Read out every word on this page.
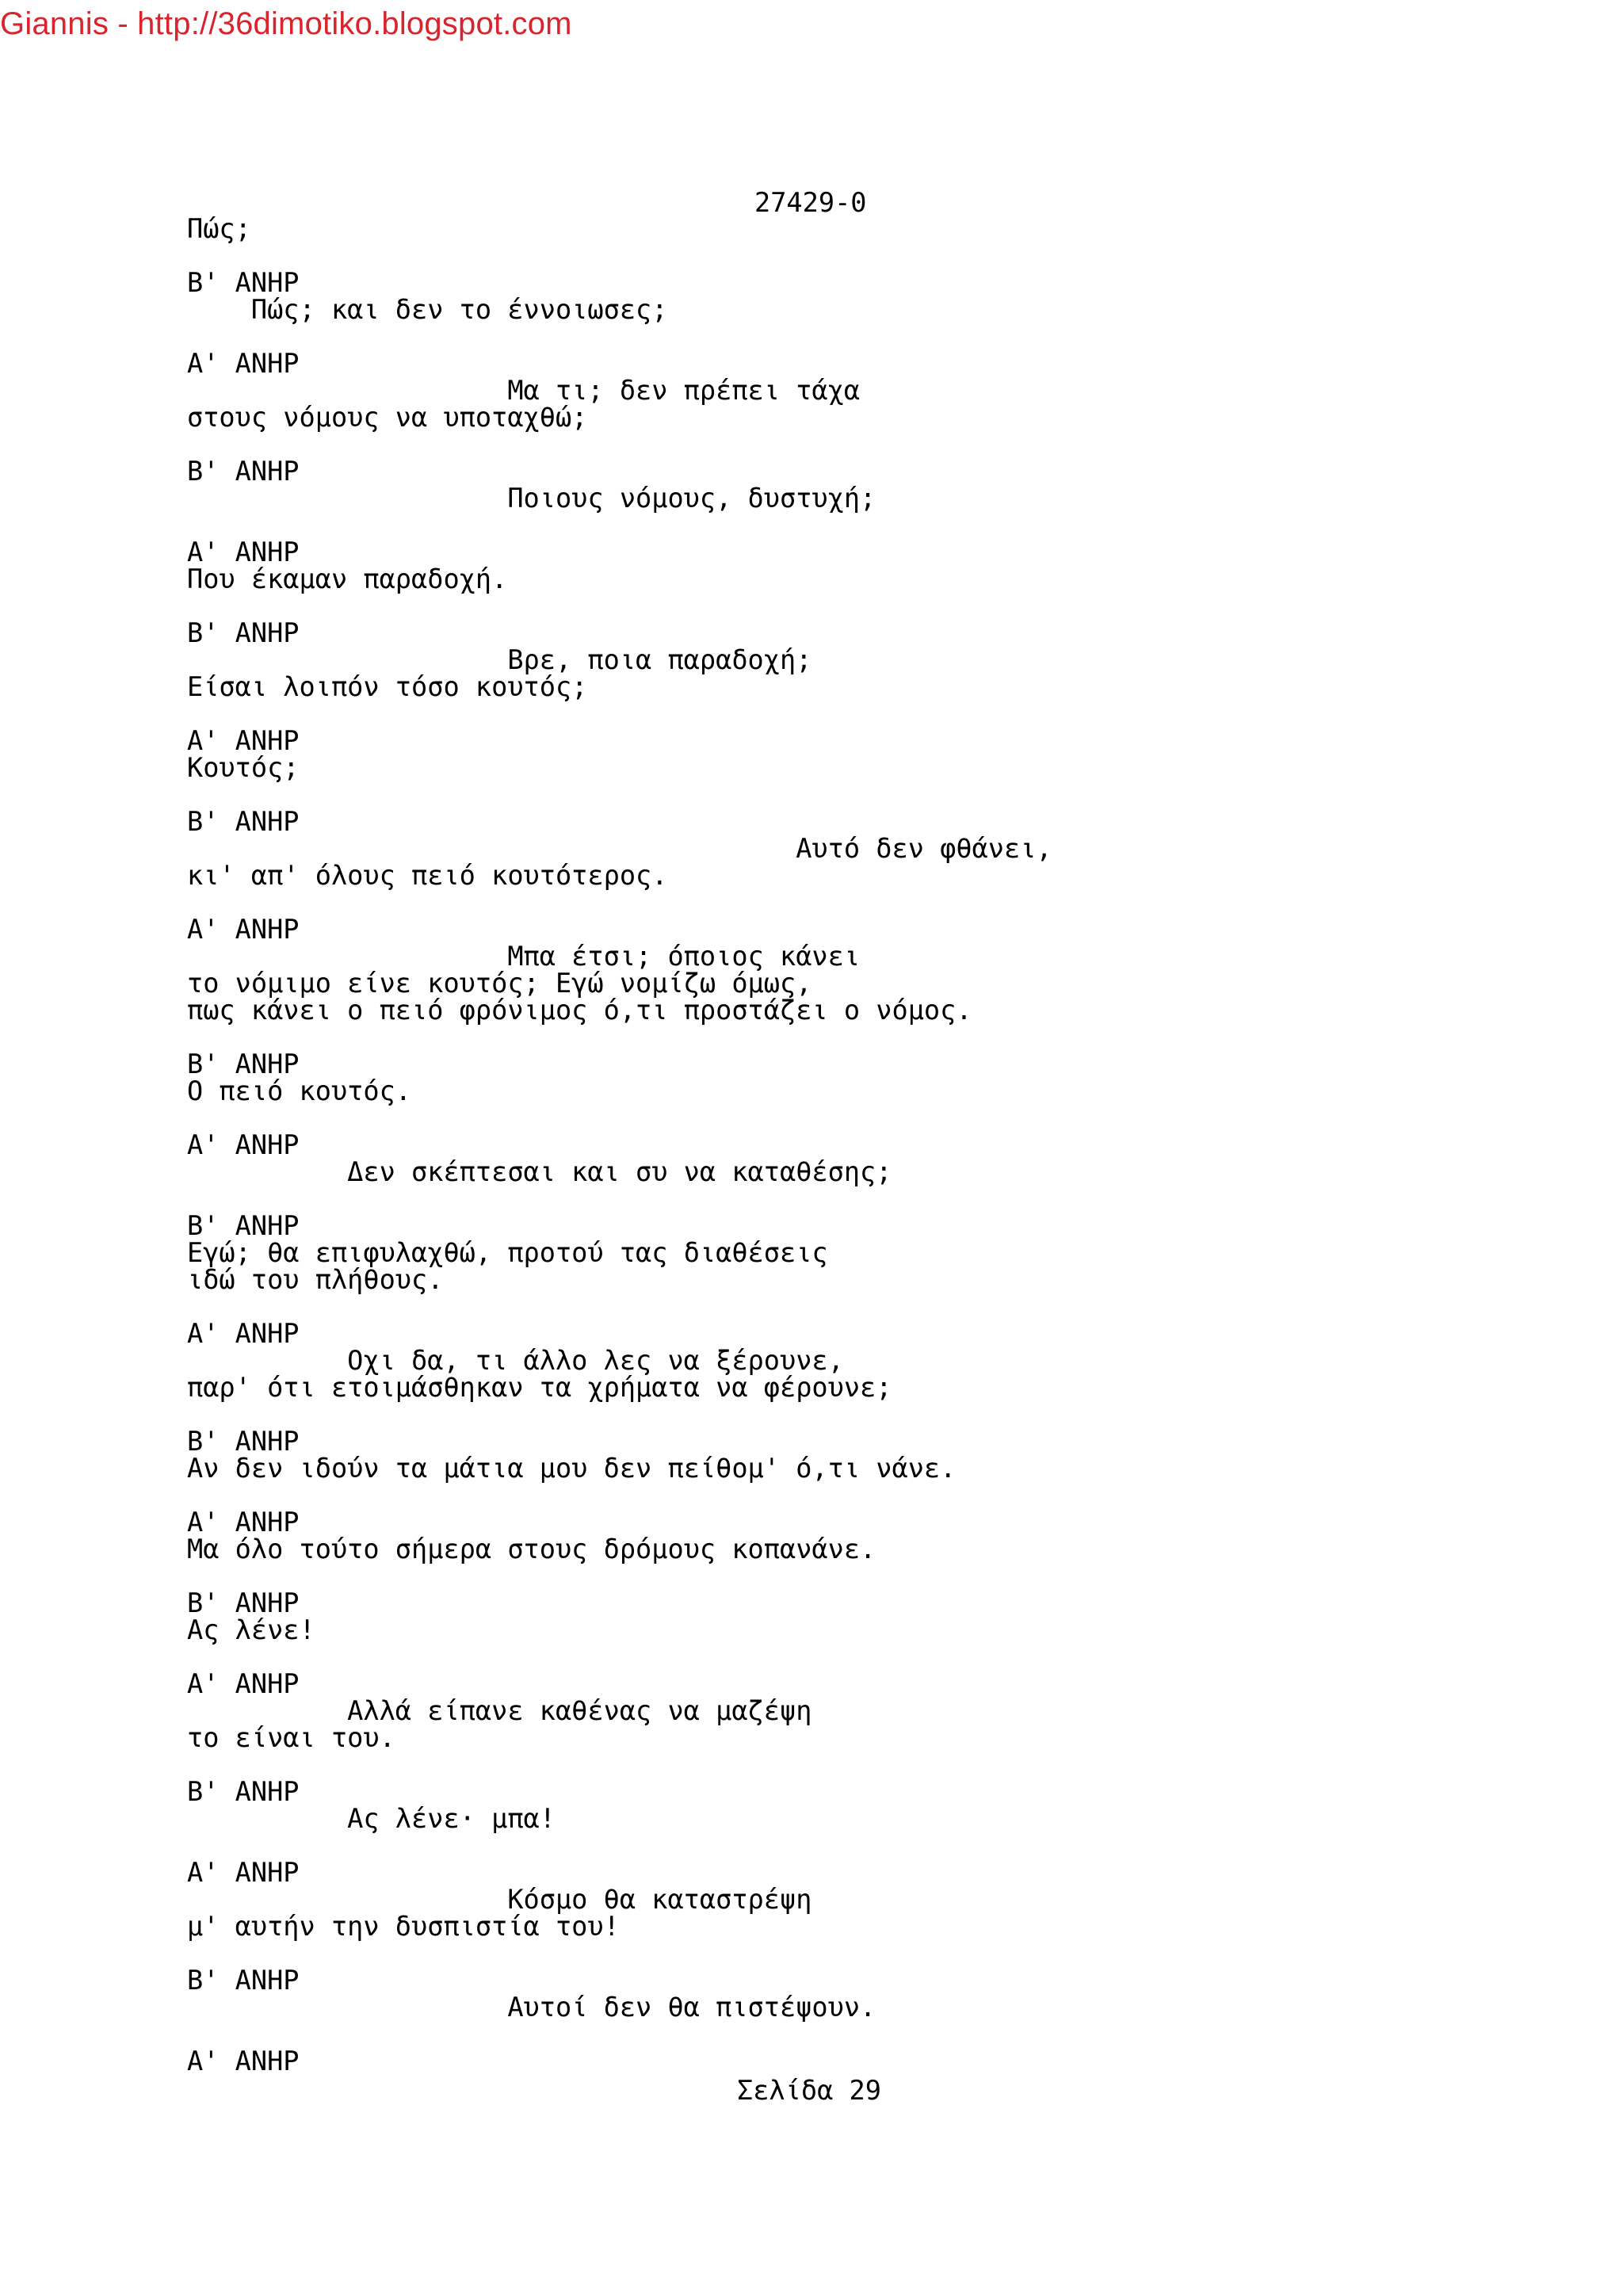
Giannis - http://36dimotiko.blogspot.com
27429-0
Πώς;
Β' ΑΝΗΡ
Πώς; και δεν το έννοιωσες;
Α' ΑΝΗΡ
Μα τι; δεν πρέπει τάχα
στους νόμους να υποταχθώ;
Β' ΑΝΗΡ
Ποιους νόμους, δυστυχή;
Α' ΑΝΗΡ
Που έκαμαν παραδοχή.
Β' ΑΝΗΡ
Βρε, ποια παραδοχή;
Είσαι λοιπόν τόσο κουτός;
Α' ΑΝΗΡ
Κουτός;
Β' ΑΝΗΡ
Αυτό δεν φθάνει,
κι' απ' όλους πειό κουτότερος.
Α' ΑΝΗΡ
Μπα έτσι; όποιος κάνει
το νόμιμο είνε κουτός; Εγώ νομίζω όμως,
πως κάνει ο πειό φρόνιμος ό,τι προστάζει ο νόμος.
Β' ΑΝΗΡ
Ο πειό κουτός.
Α' ΑΝΗΡ
Δεν σκέπτεσαι και συ να καταθέσης;
Β' ΑΝΗΡ
Εγώ; θα επιφυλαχθώ, προτού τας διαθέσεις
ιδώ του πλήθους.
Α' ΑΝΗΡ
Οχι δα, τι άλλο λες να ξέρουνε,
παρ' ότι ετοιμάσθηκαν τα χρήματα να φέρουνε;
Β' ΑΝΗΡ
Αν δεν ιδούν τα μάτια μου δεν πείθομ' ό,τι νάνε.
Α' ΑΝΗΡ
Μα όλο τούτο σήμερα στους δρόμους κοπανάνε.
Β' ΑΝΗΡ
Ας λένε!
Α' ΑΝΗΡ
Αλλά είπανε καθένας να μαζέψη
το είναι του.
Β' ΑΝΗΡ
Ας λένε· μπα!
Α' ΑΝΗΡ
Κόσμο θα καταστρέψη
μ' αυτήν την δυσπιστία του!
Β' ΑΝΗΡ
Αυτοί δεν θα πιστέψουν.
Α' ΑΝΗΡ
Σελίδα 29
